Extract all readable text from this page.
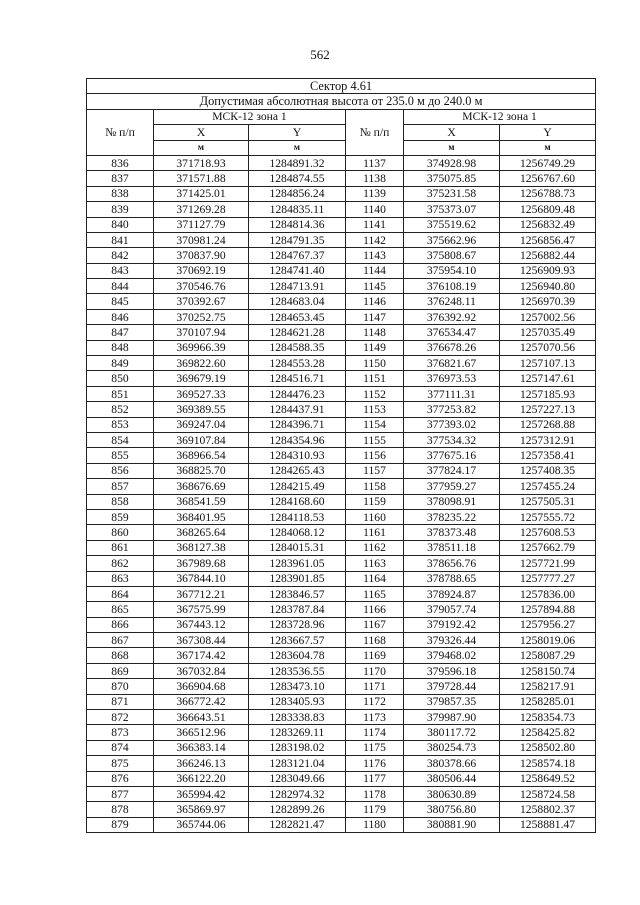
562
Сектор 4.61					
Допустимая абсолютная высота от 235.0 м до 240.0 м					
№ п/п	МСК-12 зона 1		№ п/п	МСК-12 зона 1	
	X	Y		X	Y
	м	м		м	м
836	371718.93	1284891.32	1137	374928.98	1256749.29
837	371571.88	1284874.55	1138	375075.85	1256767.60
838	371425.01	1284856.24	1139	375231.58	1256788.73
839	371269.28	1284835.11	1140	375373.07	1256809.48
840	371127.79	1284814.36	1141	375519.62	1256832.49
841	370981.24	1284791.35	1142	375662.96	1256856.47
842	370837.90	1284767.37	1143	375808.67	1256882.44
843	370692.19	1284741.40	1144	375954.10	1256909.93
844	370546.76	1284713.91	1145	376108.19	1256940.80
845	370392.67	1284683.04	1146	376248.11	1256970.39
846	370252.75	1284653.45	1147	376392.92	1257002.56
847	370107.94	1284621.28	1148	376534.47	1257035.49
848	369966.39	1284588.35	1149	376678.26	1257070.56
849	369822.60	1284553.28	1150	376821.67	1257107.13
850	369679.19	1284516.71	1151	376973.53	1257147.61
851	369527.33	1284476.23	1152	377111.31	1257185.93
852	369389.55	1284437.91	1153	377253.82	1257227.13
853	369247.04	1284396.71	1154	377393.02	1257268.88
854	369107.84	1284354.96	1155	377534.32	1257312.91
855	368966.54	1284310.93	1156	377675.16	1257358.41
856	368825.70	1284265.43	1157	377824.17	1257408.35
857	368676.69	1284215.49	1158	377959.27	1257455.24
858	368541.59	1284168.60	1159	378098.91	1257505.31
859	368401.95	1284118.53	1160	378235.22	1257555.72
860	368265.64	1284068.12	1161	378373.48	1257608.53
861	368127.38	1284015.31	1162	378511.18	1257662.79
862	367989.68	1283961.05	1163	378656.76	1257721.99
863	367844.10	1283901.85	1164	378788.65	1257777.27
864	367712.21	1283846.57	1165	378924.87	1257836.00
865	367575.99	1283787.84	1166	379057.74	1257894.88
866	367443.12	1283728.96	1167	379192.42	1257956.27
867	367308.44	1283667.57	1168	379326.44	1258019.06
868	367174.42	1283604.78	1169	379468.02	1258087.29
869	367032.84	1283536.55	1170	379596.18	1258150.74
870	366904.68	1283473.10	1171	379728.44	1258217.91
871	366772.42	1283405.93	1172	379857.35	1258285.01
872	366643.51	1283338.83	1173	379987.90	1258354.73
873	366512.96	1283269.11	1174	380117.72	1258425.82
874	366383.14	1283198.02	1175	380254.73	1258502.80
875	366246.13	1283121.04	1176	380378.66	1258574.18
876	366122.20	1283049.66	1177	380506.44	1258649.52
877	365994.42	1282974.32	1178	380630.89	1258724.58
878	365869.97	1282899.26	1179	380756.80	1258802.37
879	365744.06	1282821.47	1180	380881.90	1258881.47
